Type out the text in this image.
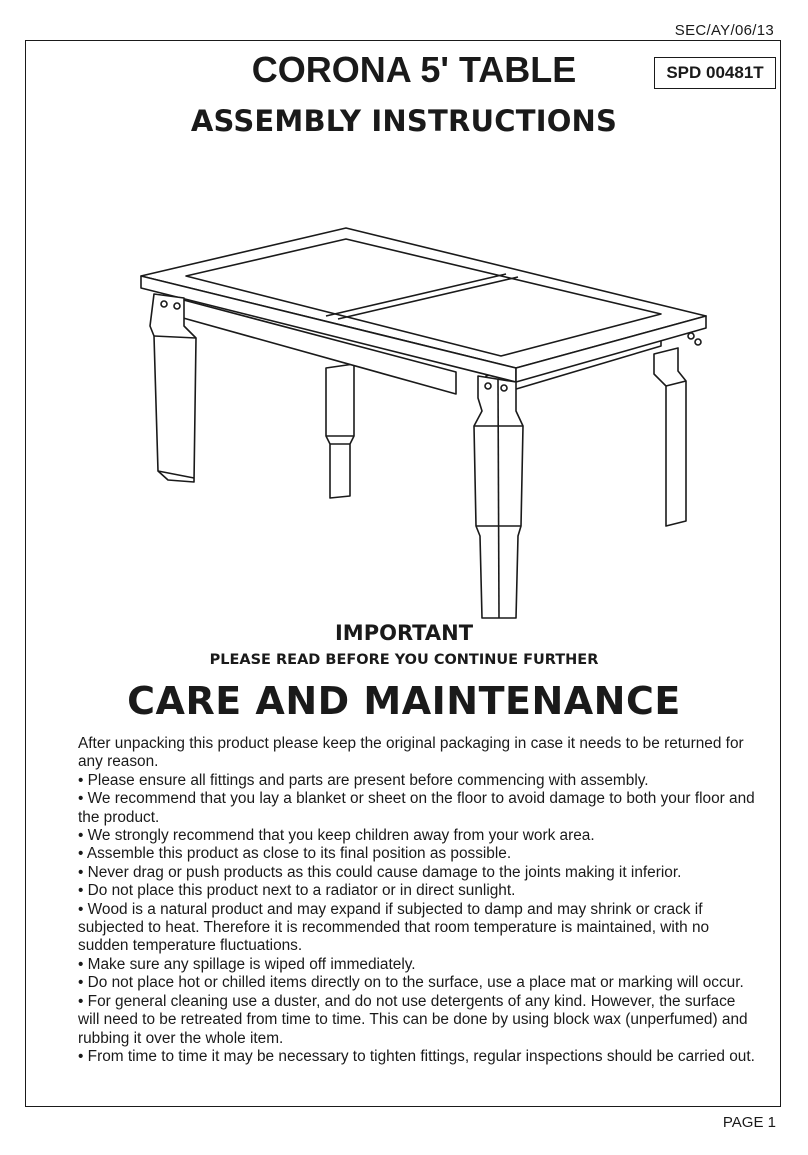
SEC/AY/06/13
SPD 00481T
CORONA 5' TABLE
ASSEMBLY INSTRUCTIONS
IMPORTANT
PLEASE READ BEFORE YOU CONTINUE FURTHER
CARE AND MAINTENANCE

After unpacking this product please keep the original packaging in case it needs to be returned for any reason.

• Please ensure all fittings and parts are present before commencing with assembly.

• We recommend that you lay a blanket or sheet on the floor to avoid damage to both your floor and the product.

• We strongly recommend that you keep children away from your work area.

• Assemble this product as close to its final position as possible.

• Never drag or push products as this could cause damage to the joints making it inferior.

• Do not place this product next to a radiator or in direct sunlight.

• Wood is a natural product and may expand if subjected to damp and may shrink or crack if subjected to heat. Therefore it is recommended that room temperature is maintained, with no sudden temperature fluctuations.

• Make sure any spillage is wiped off immediately.

• Do not place hot or chilled items directly on to the surface, use a place mat or marking will occur.

• For general cleaning use a duster, and do not use detergents of any kind. However, the surface will need to be retreated from time to time. This can be done by using block wax (unperfumed) and rubbing it over the whole item.

• From time to time it may be necessary to tighten fittings, regular inspections should be carried out.

PAGE 1
